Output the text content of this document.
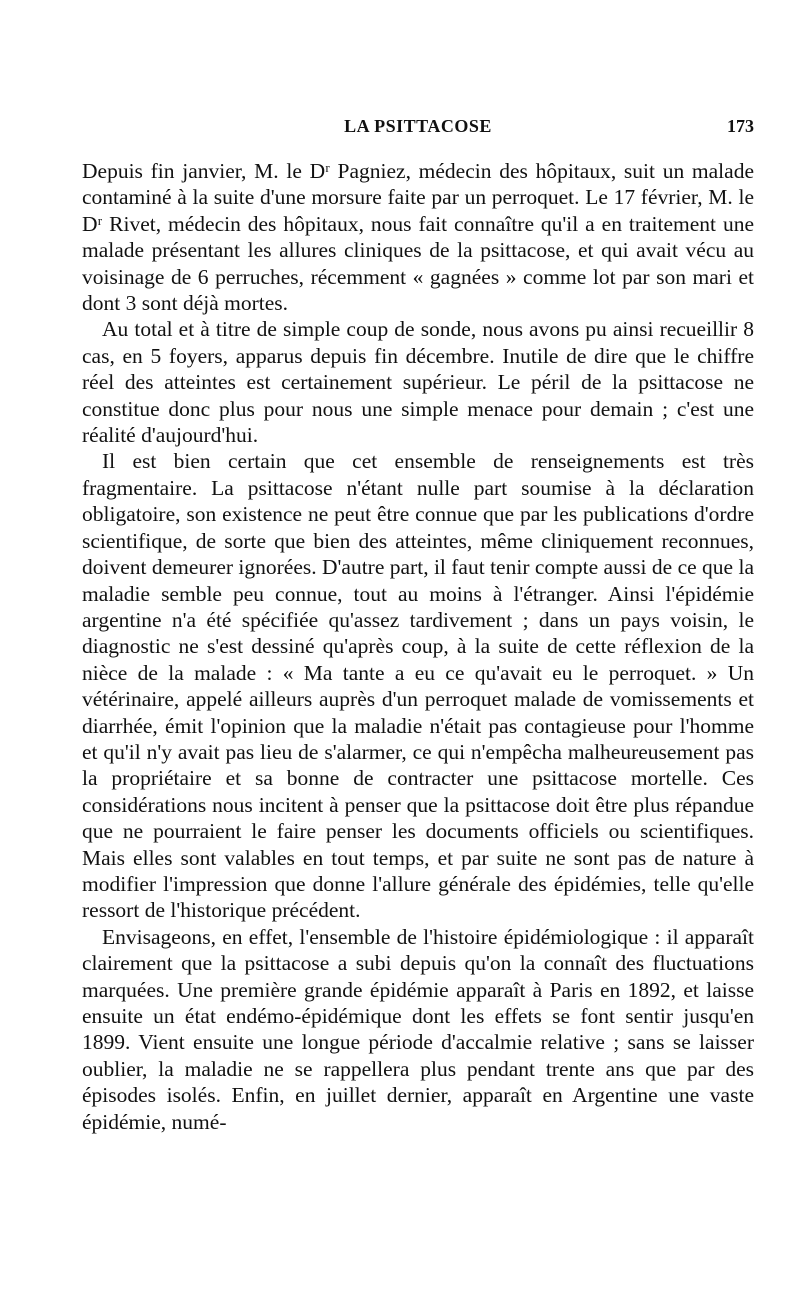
LA PSITTACOSE	173

Depuis fin janvier, M. le Dʳ Pagniez, médecin des hôpitaux, suit un malade contaminé à la suite d'une morsure faite par un perroquet. Le 17 février, M. le Dʳ Rivet, médecin des hôpitaux, nous fait connaître qu'il a en traitement une malade présentant les allures cliniques de la psittacose, et qui avait vécu au voisinage de 6 perruches, récemment « gagnées » comme lot par son mari et dont 3 sont déjà mortes.

Au total et à titre de simple coup de sonde, nous avons pu ainsi recueillir 8 cas, en 5 foyers, apparus depuis fin décembre. Inutile de dire que le chiffre réel des atteintes est certainement supérieur. Le péril de la psittacose ne constitue donc plus pour nous une simple menace pour demain ; c'est une réalité d'aujourd'hui.

Il est bien certain que cet ensemble de renseignements est très fragmentaire. La psittacose n'étant nulle part soumise à la déclaration obligatoire, son existence ne peut être connue que par les publications d'ordre scientifique, de sorte que bien des atteintes, même cliniquement reconnues, doivent demeurer ignorées. D'autre part, il faut tenir compte aussi de ce que la maladie semble peu connue, tout au moins à l'étranger. Ainsi l'épidémie argentine n'a été spécifiée qu'assez tardivement ; dans un pays voisin, le diagnostic ne s'est dessiné qu'après coup, à la suite de cette réflexion de la nièce de la malade : « Ma tante a eu ce qu'avait eu le perroquet. » Un vétérinaire, appelé ailleurs auprès d'un perroquet malade de vomissements et diarrhée, émit l'opinion que la maladie n'était pas contagieuse pour l'homme et qu'il n'y avait pas lieu de s'alarmer, ce qui n'empêcha malheureusement pas la propriétaire et sa bonne de contracter une psittacose mortelle. Ces considérations nous incitent à penser que la psittacose doit être plus répandue que ne pourraient le faire penser les documents officiels ou scientifiques. Mais elles sont valables en tout temps, et par suite ne sont pas de nature à modifier l'impression que donne l'allure générale des épidémies, telle qu'elle ressort de l'historique précédent.

Envisageons, en effet, l'ensemble de l'histoire épidémiologique : il apparaît clairement que la psittacose a subi depuis qu'on la connaît des fluctuations marquées. Une première grande épidémie apparaît à Paris en 1892, et laisse ensuite un état endémo-épidémique dont les effets se font sentir jusqu'en 1899. Vient ensuite une longue période d'accalmie relative ; sans se laisser oublier, la maladie ne se rappellera plus pendant trente ans que par des épisodes isolés. Enfin, en juillet dernier, apparaît en Argentine une vaste épidémie, numé-
